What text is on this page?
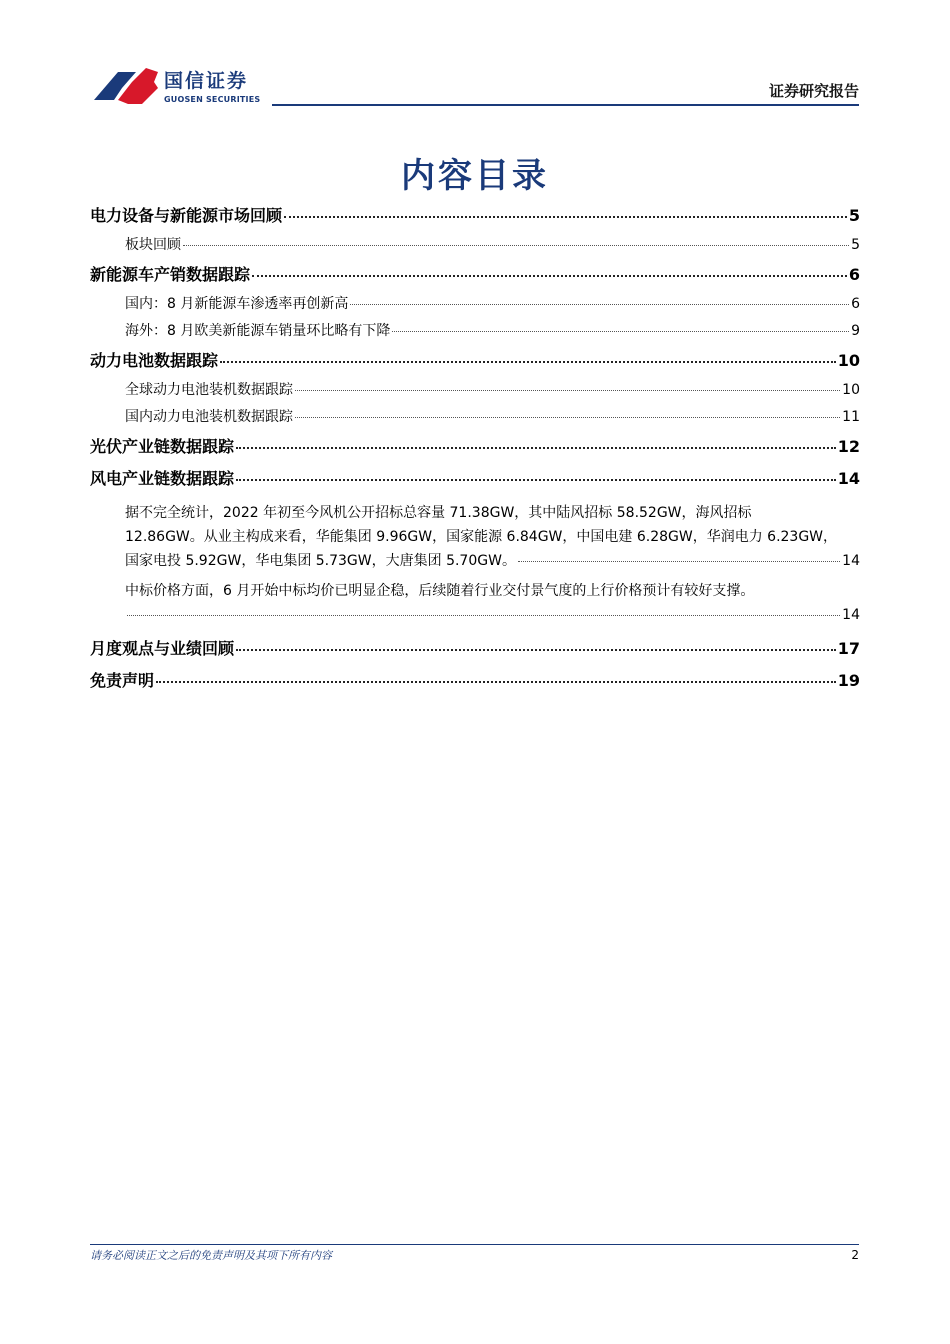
国信证券
GUOSEN SECURITIES	证券研究报告
内容目录
电力设备与新能源市场回顾	5
板块回顾	5
新能源车产销数据跟踪	6
国内：8 月新能源车渗透率再创新高	6
海外：8 月欧美新能源车销量环比略有下降	9
动力电池数据跟踪	10
全球动力电池装机数据跟踪	10
国内动力电池装机数据跟踪	11
光伏产业链数据跟踪	12
风电产业链数据跟踪	14
据不完全统计，2022 年初至今风机公开招标总容量 71.38GW，其中陆风招标 58.52GW，海风招标
12.86GW。从业主构成来看，华能集团 9.96GW，国家能源 6.84GW，中国电建 6.28GW，华润电力 6.23GW，
国家电投 5.92GW，华电集团 5.73GW，大唐集团 5.70GW。	14
中标价格方面，6 月开始中标均价已明显企稳，后续随着行业交付景气度的上行价格预计有较好支撑。
14
月度观点与业绩回顾	17
免责声明	19
请务必阅读正文之后的免责声明及其项下所有内容	2
